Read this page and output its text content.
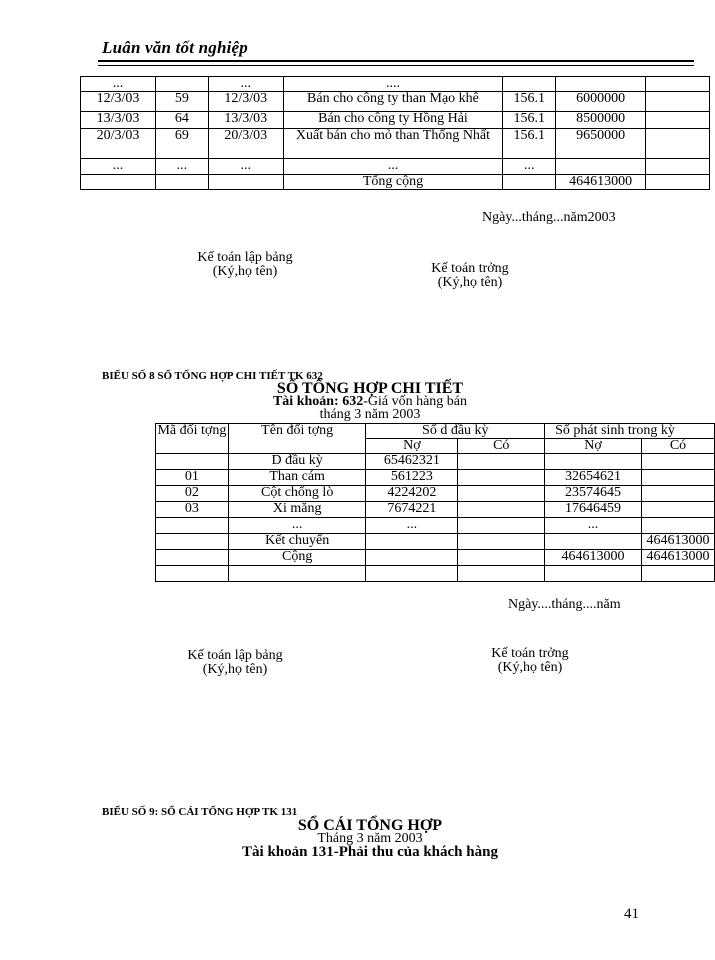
Luân văn tốt nghiệp
...		...	....			
12/3/03	59	12/3/03	Bán cho công ty than Mạo khê	156.1	6000000	
13/3/03	64	13/3/03	Bán cho công ty Hồng Hải	156.1	8500000	
20/3/03	69	20/3/03	Xuất bán cho mỏ than Thống Nhất	156.1	9650000	
...	...	...	...	...		
			Tổng cộng		464613000	
Ngày...tháng...năm2003
Kế toán lập bảng
(Ký,họ tên)	Kế toán trởng
(Ký,họ tên)
BIỂU SỐ 8 SỔ TỔNG HỢP CHI TIẾT TK 632
SỔ TỔNG HỢP CHI TIẾT
Tài khoản: 632-Giá vốn hàng bán
tháng 3 năm 2003
Mã đối tợng	Tên đối tợng	Số d đầu kỳ		Số phát sinh trong kỳ	
		Nợ	Có	Nợ	Có
	D đầu kỳ	65462321			
01	Than cám	561223		32654621	
02	Cột chống lò	4224202		23574645	
03	Xi măng	7674221		17646459	
	...	...		...	
	Kết chuyển				464613000
	Cộng			464613000	464613000

Ngày....tháng....năm
Kế toán lập bảng
(Ký,họ tên)
Kế toán trởng
(Ký,họ tên)
BIỂU SỐ 9: SỔ CÁI TỔNG HỢP TK 131
SỔ CÁI TỔNG HỢP
Tháng 3 năm 2003
Tài khoản 131-Phải thu của khách hàng
41
